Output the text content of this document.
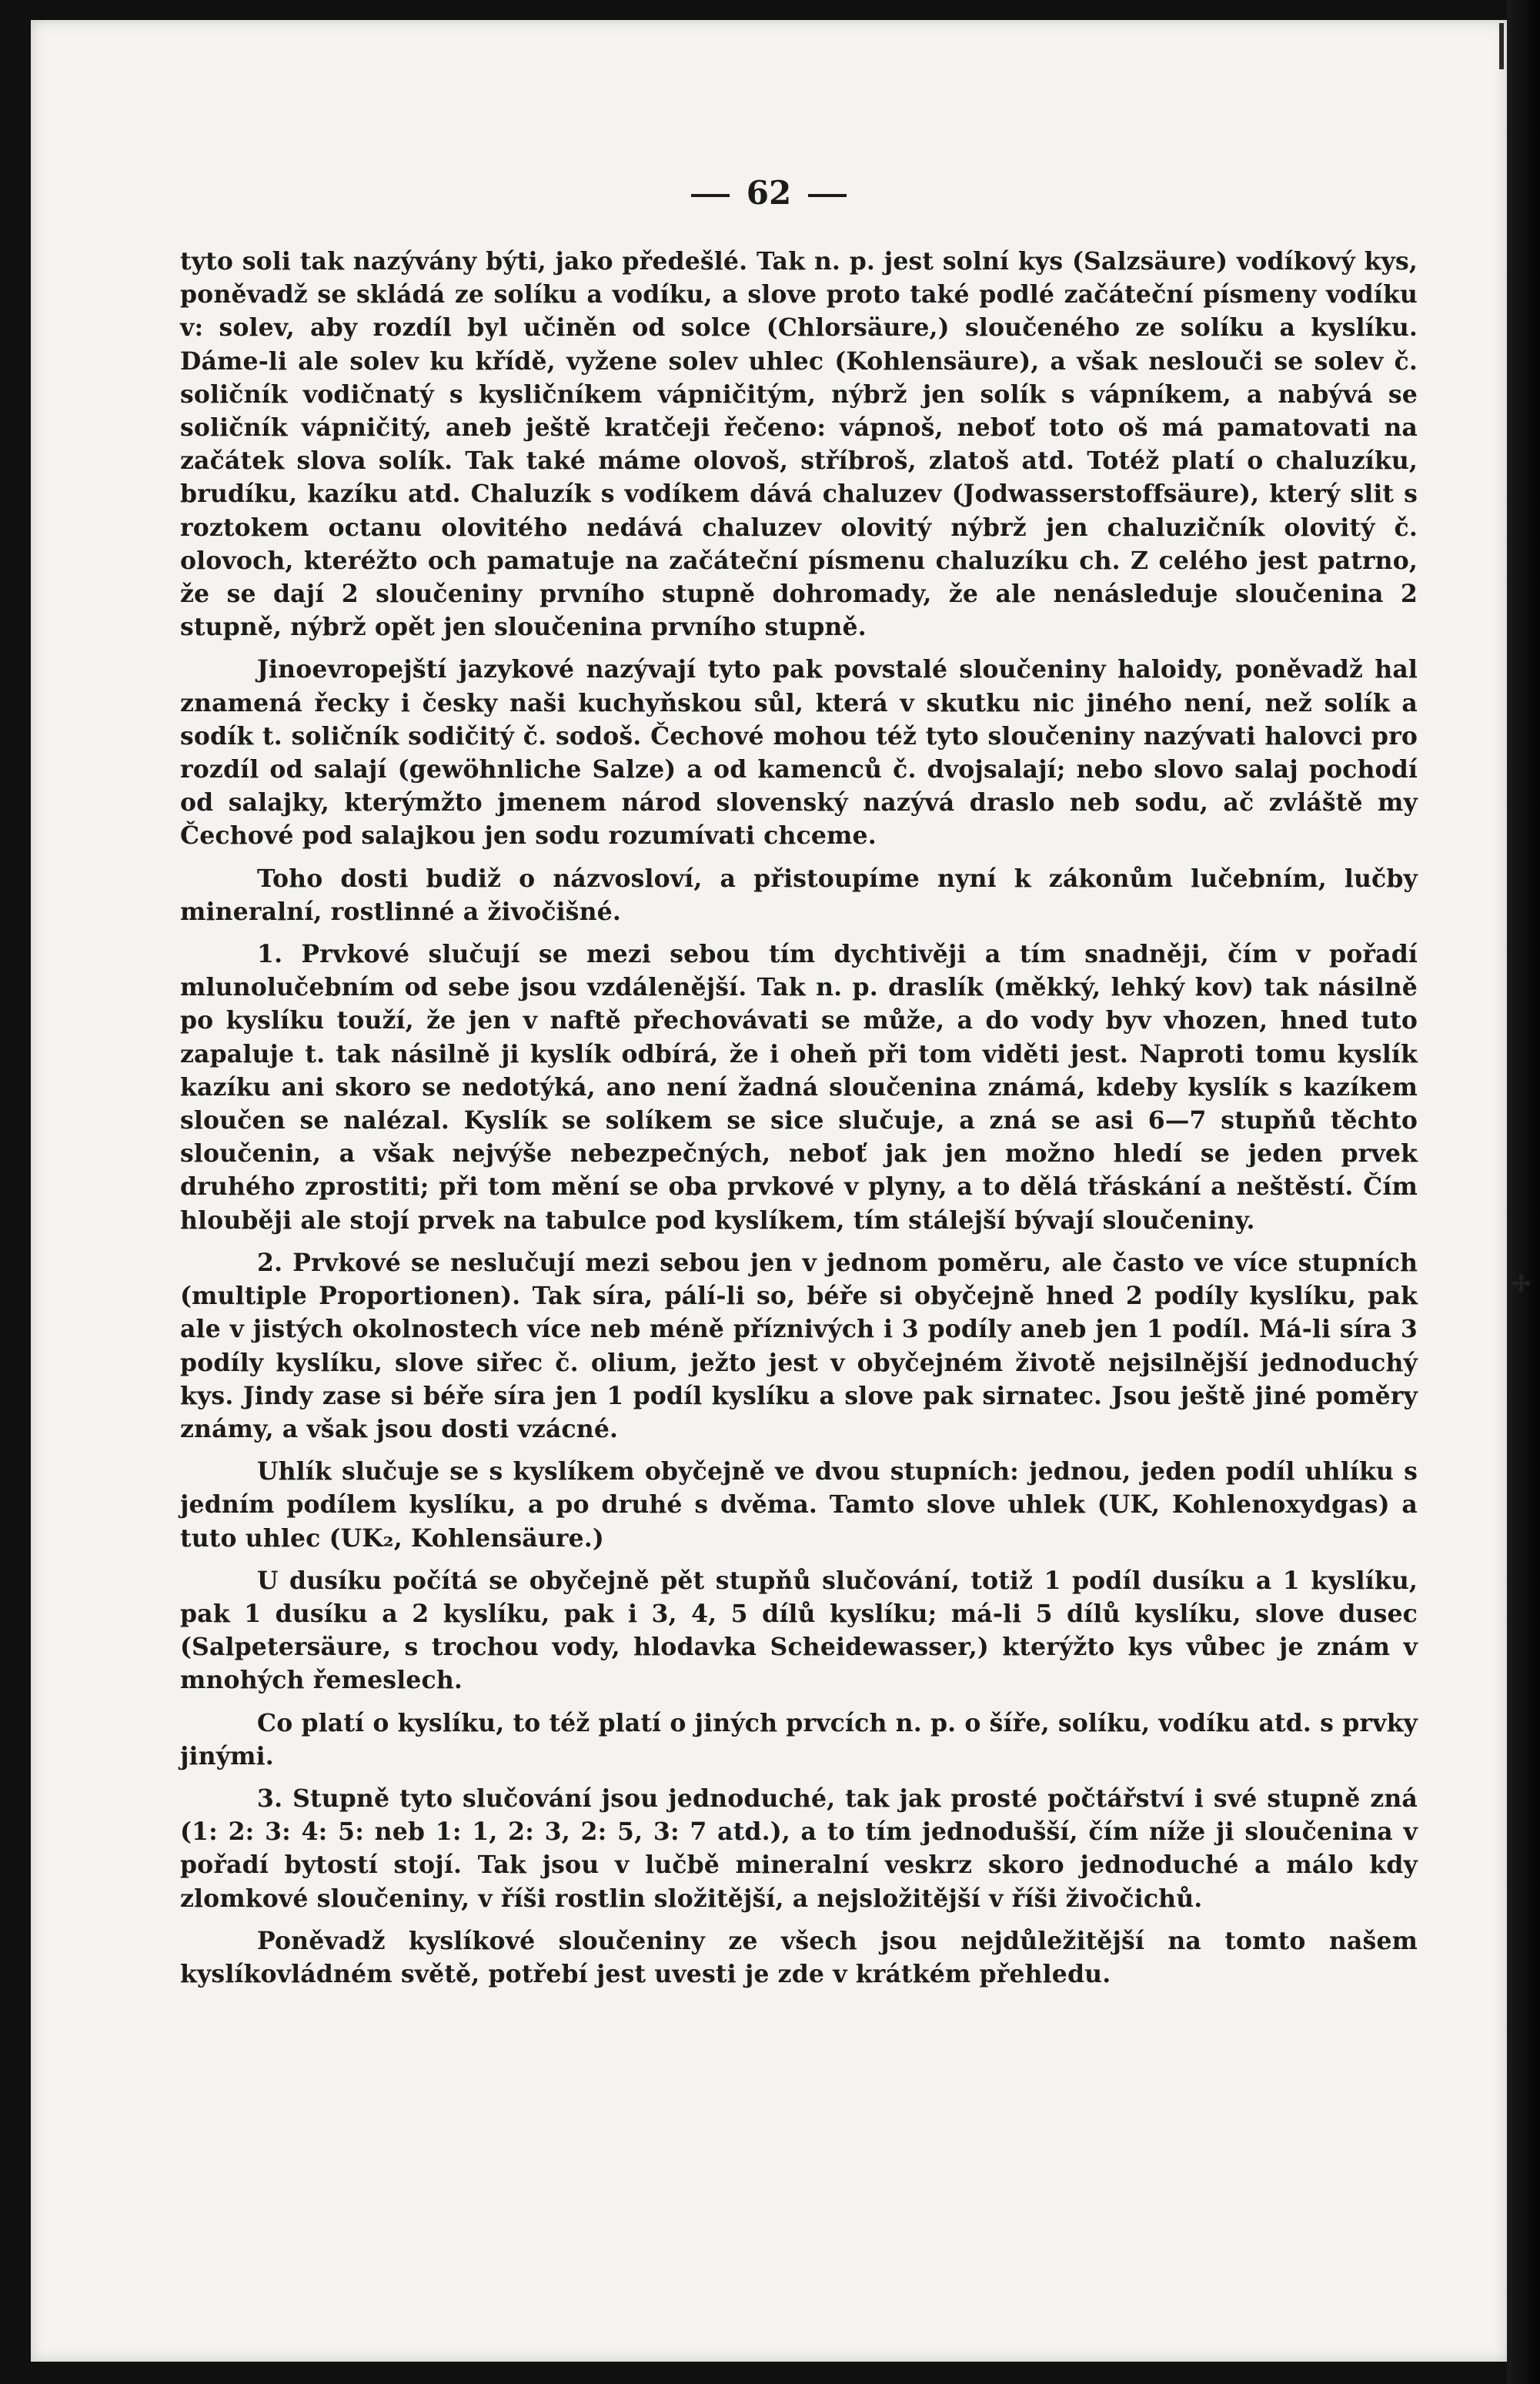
62

tyto soli tak nazývány býti, jako předešlé. Tak n. p. jest solní kys (Salzsäure) vodíkový kys, poněvadž se skládá ze solíku a vodíku, a slove proto také podlé začáteční písmeny vodíku v: solev, aby rozdíl byl učiněn od solce (Chlorsäure,) sloučeného ze solíku a kyslíku. Dáme-li ale solev ku křídě, vyžene solev uhlec (Kohlensäure), a však neslouči se solev č. soličník vodičnatý s kysličníkem vápničitým, nýbrž jen solík s vápníkem, a nabývá se soličník vápničitý, aneb ještě kratčeji řečeno: vápnoš, neboť toto oš má pamatovati na začátek slova solík. Tak také máme olovoš, stříbroš, zlatoš atd. Totéž platí o chaluzíku, brudíku, kazíku atd. Chaluzík s vodíkem dává chaluzev (Jodwasserstoffsäure), který slit s roztokem octanu olovitého nedává chaluzev olovitý nýbrž jen chaluzičník olovitý č. olovoch, kteréžto och pamatuje na začáteční písmenu chaluzíku ch. Z celého jest patrno, že se dají 2 sloučeniny prvního stupně dohromady, že ale nenásleduje sloučenina 2 stupně, nýbrž opět jen sloučenina prvního stupně.

Jinoevropejští jazykové nazývají tyto pak povstalé sloučeniny haloidy, poněvadž hal znamená řecky i česky naši kuchyňskou sůl, která v skutku nic jiného není, než solík a sodík t. soličník sodičitý č. sodoš. Čechové mohou též tyto sloučeniny nazývati halovci pro rozdíl od salají (gewöhnliche Salze) a od kamenců č. dvojsalají; nebo slovo salaj pochodí od salajky, kterýmžto jmenem národ slovenský nazývá draslo neb sodu, ač zvláště my Čechové pod salajkou jen sodu rozumívati chceme.

Toho dosti budiž o názvosloví, a přistoupíme nyní k zákonům lučebním, lučby mineralní, rostlinné a živočišné.

1. Prvkové slučují se mezi sebou tím dychtivěji a tím snadněji, čím v pořadí mlunolučebním od sebe jsou vzdálenější. Tak n. p. draslík (měkký, lehký kov) tak násilně po kyslíku touží, že jen v naftě přechovávati se může, a do vody byv vhozen, hned tuto zapaluje t. tak násilně ji kyslík odbírá, že i oheň při tom viděti jest. Naproti tomu kyslík kazíku ani skoro se nedotýká, ano není žadná sloučenina známá, kdeby kyslík s kazíkem sloučen se nalézal. Kyslík se solíkem se sice slučuje, a zná se asi 6—7 stupňů těchto sloučenin, a však nejvýše nebezpečných, neboť jak jen možno hledí se jeden prvek druhého zprostiti; při tom mění se oba prvkové v plyny, a to dělá třáskání a neštěstí. Čím hlouběji ale stojí prvek na tabulce pod kyslíkem, tím stálejší bývají sloučeniny.

2. Prvkové se neslučují mezi sebou jen v jednom poměru, ale často ve více stupních (multiple Proportionen). Tak síra, pálí-li so, béře si obyčejně hned 2 podíly kyslíku, pak ale v jistých okolnostech více neb méně příznivých i 3 podíly aneb jen 1 podíl. Má-li síra 3 podíly kyslíku, slove siřec č. olium, ježto jest v obyčejném životě nejsilnější jednoduchý kys. Jindy zase si béře síra jen 1 podíl kyslíku a slove pak sirnatec. Jsou ještě jiné poměry známy, a však jsou dosti vzácné.

Uhlík slučuje se s kyslíkem obyčejně ve dvou stupních: jednou, jeden podíl uhlíku s jedním podílem kyslíku, a po druhé s dvěma. Tamto slove uhlek (UK, Kohlenoxydgas) a tuto uhlec (UK₂, Kohlensäure.)

U dusíku počítá se obyčejně pět stupňů slučování, totiž 1 podíl dusíku a 1 kyslíku, pak 1 dusíku a 2 kyslíku, pak i 3, 4, 5 dílů kyslíku; má-li 5 dílů kyslíku, slove dusec (Salpetersäure, s trochou vody, hlodavka Scheidewasser,) kterýžto kys vůbec je znám v mnohých řemeslech.

Co platí o kyslíku, to též platí o jiných prvcích n. p. o šíře, solíku, vodíku atd. s prvky jinými.

3. Stupně tyto slučování jsou jednoduché, tak jak prosté počtářství i své stupně zná (1: 2: 3: 4: 5: neb 1: 1, 2: 3, 2: 5, 3: 7 atd.), a to tím jednodušší, čím níže ji sloučenina v pořadí bytostí stojí. Tak jsou v lučbě mineralní veskrz skoro jednoduché a málo kdy zlomkové sloučeniny, v říši rostlin složitější, a nejsložitější v říši živočichů.

Poněvadž kyslíkové sloučeniny ze všech jsou nejdůležitější na tomto našem kyslíkovládném světě, potřebí jest uvesti je zde v krátkém přehledu.

✢
